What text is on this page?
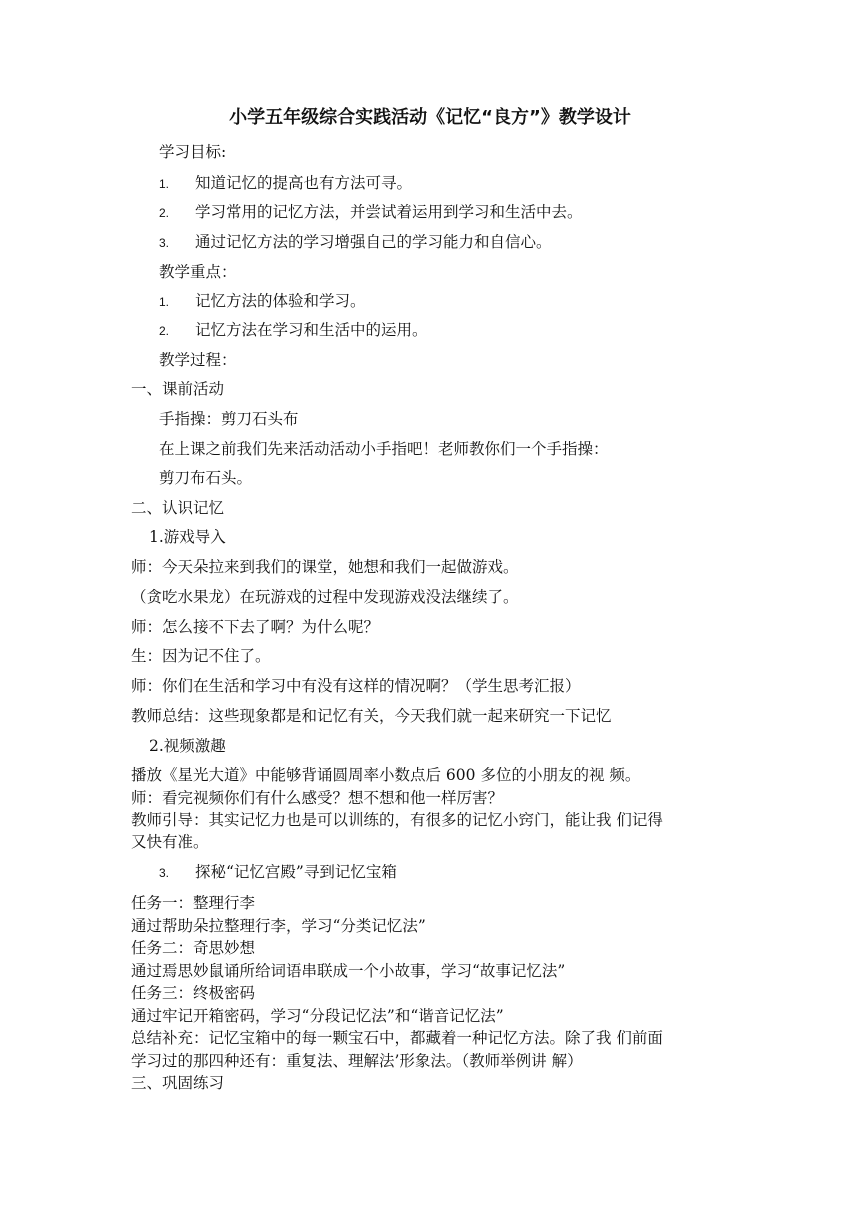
小学五年级综合实践活动《记忆“良方”》教学设计
学习目标:
1. 知道记忆的提高也有方法可寻。
2. 学习常用的记忆方法，并尝试着运用到学习和生活中去。
3. 通过记忆方法的学习增强自己的学习能力和自信心。
教学重点：
1. 记忆方法的体验和学习。
2. 记忆方法在学习和生活中的运用。
教学过程：
一、课前活动
手指操：剪刀石头布
在上课之前我们先来活动活动小手指吧！老师教你们一个手指操：
剪刀布石头。
二、认识记忆
1.游戏导入
师：今天朵拉来到我们的课堂，她想和我们一起做游戏。
（贪吃水果龙）在玩游戏的过程中发现游戏没法继续了。
师：怎么接不下去了啊？为什么呢？
生：因为记不住了。
师：你们在生活和学习中有没有这样的情况啊？（学生思考汇报）
教师总结：这些现象都是和记忆有关，今天我们就一起来研究一下记忆
2.视频激趣
播放《星光大道》中能够背诵圆周率小数点后 600 多位的小朋友的视 频。
师：看完视频你们有什么感受？想不想和他一样厉害？
教师引导：其实记忆力也是可以训练的，有很多的记忆小窍门，能让我 们记得
又快有准。
3. 探秘“记忆宫殿”寻到记忆宝箱
任务一：整理行李
通过帮助朵拉整理行李，学习“分类记忆法”
任务二：奇思妙想
通过焉思妙鼠诵所给词语串联成一个小故事，学习“故事记忆法”
任务三：终极密码
通过牢记开箱密码，学习“分段记忆法”和“谐音记忆法”
总结补充：记忆宝箱中的每一颗宝石中，都藏着一种记忆方法。除了我 们前面
学习过的那四种还有：重复法、理解法’形象法。（教师举例讲 解）
三、巩固练习
